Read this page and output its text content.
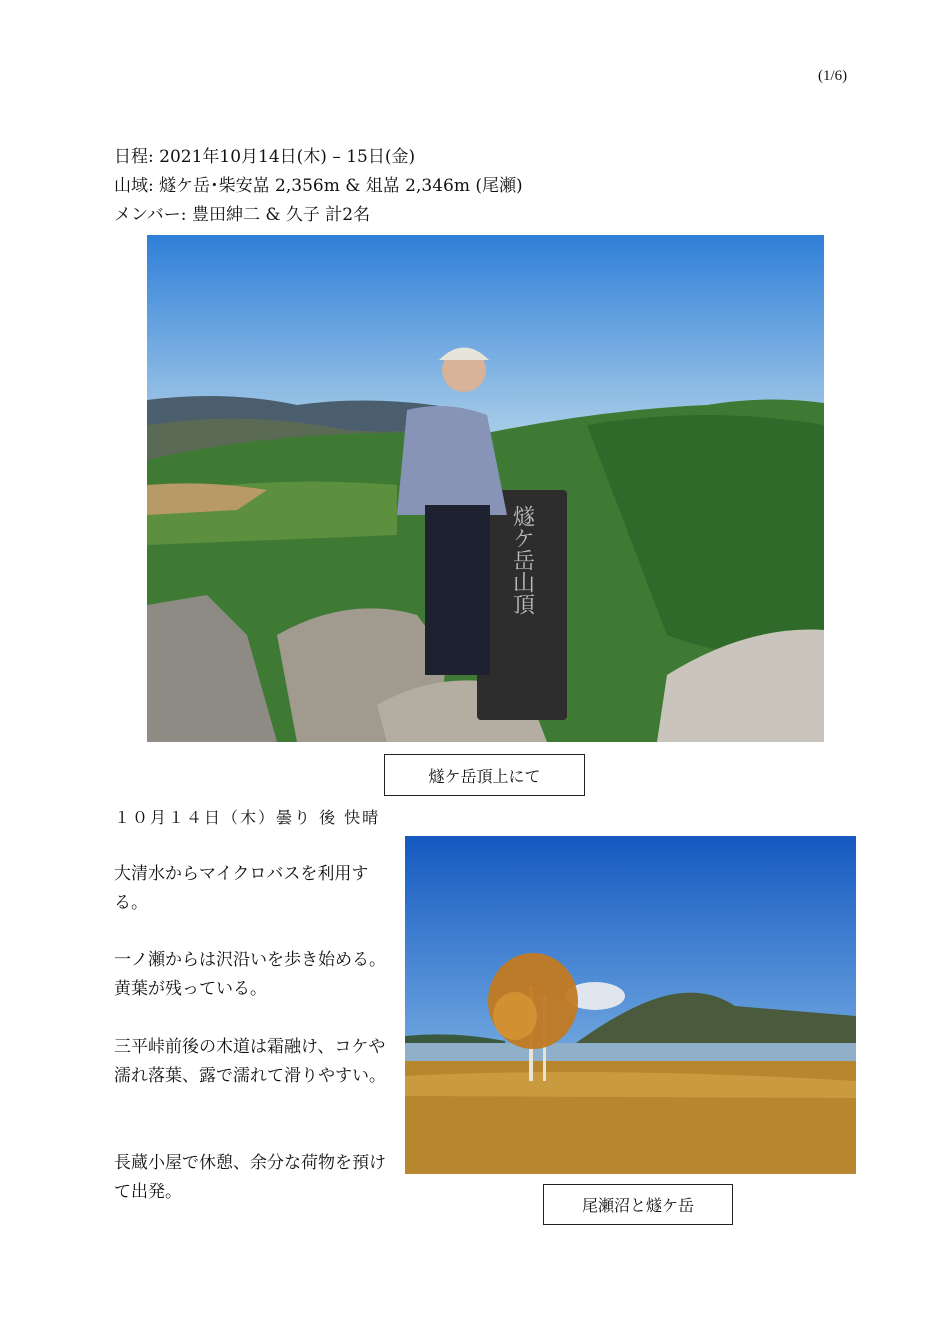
(1/6)
日程: 2021年10月14日(木) – 15日(金)
山域: 燧ケ岳･柴安嵓 2,356m & 俎嵓 2,346m (尾瀬)
メンバー: 豊田紳二 & 久子 計2名
燧ケ岳山頂
燧ケ岳頂上にて
１０月１４日（木）曇り 後 快晴
大清水からマイクロバスを利用する。
一ノ瀬からは沢沿いを歩き始める。黄葉が残っている。
三平峠前後の木道は霜融け、コケや濡れ落葉、露で濡れて滑りやすい。
長蔵小屋で休憩、余分な荷物を預けて出発。
尾瀬沼と燧ケ岳
